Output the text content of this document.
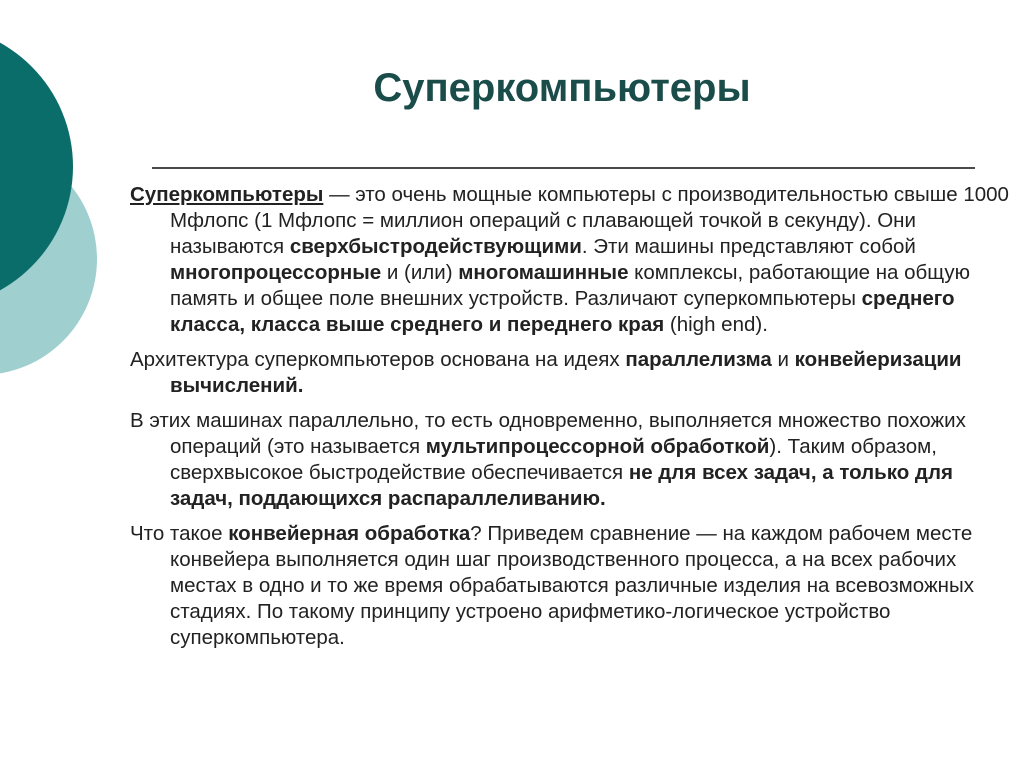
Суперкомпьютеры

Суперкомпьютеры — это очень мощные компьютеры с производительностью свыше 1000 Мфлопс (1 Мфлопс = миллион операций с плавающей точкой в секунду). Они называются сверхбыстродействующими. Эти машины представляют собой многопроцессорные и (или) многомашинные комплексы, работающие на общую память и общее поле внешних устройств. Различают суперкомпьютеры среднего класса, класса выше среднего и переднего края (high end).

Архитектура суперкомпьютеров основана на идеях параллелизма и конвейеризации вычислений.

В этих машинах параллельно, то есть одновременно, выполняется множество похожих операций (это называется мультипроцессорной обработкой). Таким образом, сверхвысокое быстродействие обеспечивается не для всех задач, а только для задач, поддающихся распараллеливанию.

Что такое конвейерная обработка? Приведем сравнение — на каждом рабочем месте конвейера выполняется один шаг производственного процесса, а на всех рабочих местах в одно и то же время обрабатываются различные изделия на всевозможных стадиях. По такому принципу устроено арифметико-логическое устройство суперкомпьютера.
